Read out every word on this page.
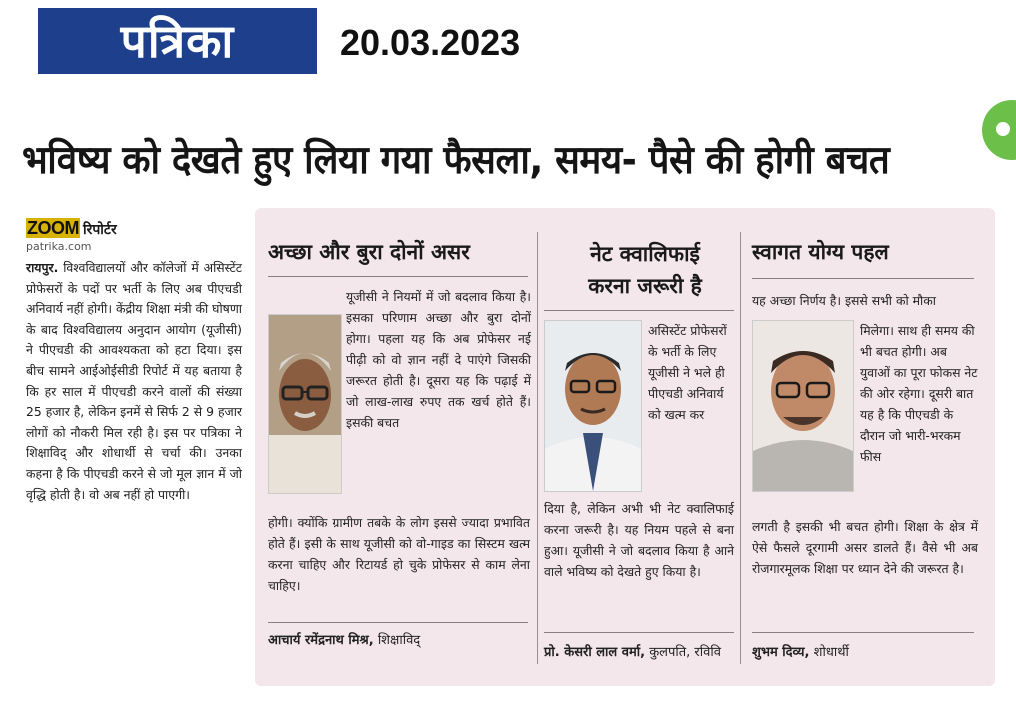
पत्रिका	20.03.2023
भविष्य को देखते हुए लिया गया फैसला, समय- पैसे की होगी बचत
ZOOM रिपोर्टर
patrika.com
रायपुर. विश्वविद्यालयों और कॉलेजों में असिस्टेंट प्रोफेसरों के पदों पर भर्ती के लिए अब पीएचडी अनिवार्य नहीं होगी। केंद्रीय शिक्षा मंत्री की घोषणा के बाद विश्वविद्यालय अनुदान आयोग (यूजीसी) ने पीएचडी की आवश्यकता को हटा दिया। इस बीच सामने आईओईसीडी रिपोर्ट में यह बताया है कि हर साल में पीएचडी करने वालों की संख्या 25 हजार है, लेकिन इनमें से सिर्फ 2 से 9 हजार लोगों को नौकरी मिल रही है। इस पर पत्रिका ने शिक्षाविद् और शोधार्थी से चर्चा की। उनका कहना है कि पीएचडी करने से जो मूल ज्ञान में जो वृद्धि होती है। वो अब नहीं हो पाएगी।
अच्छा और बुरा दोनों असर
यूजीसी ने नियमों में जो बदलाव किया है। इसका परिणाम अच्छा और बुरा दोनों होगा। पहला यह कि अब प्रोफेसर नई पीढ़ी को वो ज्ञान नहीं दे पाएंगे जिसकी जरूरत होती है। दूसरा यह कि पढ़ाई में जो लाख-लाख रुपए तक खर्च होते हैं। इसकी बचत
होगी। क्योंकि ग्रामीण तबके के लोग इससे ज्यादा प्रभावित होते हैं। इसी के साथ यूजीसी को वो-गाइड का सिस्टम खत्म करना चाहिए और रिटायर्ड हो चुके प्रोफेसर से काम लेना चाहिए।
आचार्य रमेंद्रनाथ मिश्र, शिक्षाविद्
नेट क्वालिफाई
करना जरूरी है
असिस्टेंट प्रोफेसरों के भर्ती के लिए यूजीसी ने भले ही पीएचडी अनिवार्य को खत्म कर
दिया है, लेकिन अभी भी नेट क्वालिफाई करना जरूरी है। यह नियम पहले से बना हुआ। यूजीसी ने जो बदलाव किया है आने वाले भविष्य को देखते हुए किया है।
प्रो. केसरी लाल वर्मा, कुलपति, रविवि
स्वागत योग्य पहल
यह अच्छा निर्णय है। इससे सभी को मौका
मिलेगा। साथ ही समय की भी बचत होगी। अब युवाओं का पूरा फोकस नेट की ओर रहेगा। दूसरी बात यह है कि पीएचडी के दौरान जो भारी-भरकम फीस
लगती है इसकी भी बचत होगी। शिक्षा के क्षेत्र में ऐसे फैसले दूरगामी असर डालते हैं। वैसे भी अब रोजगारमूलक शिक्षा पर ध्यान देने की जरूरत है।
शुभम दिव्य, शोधार्थी
